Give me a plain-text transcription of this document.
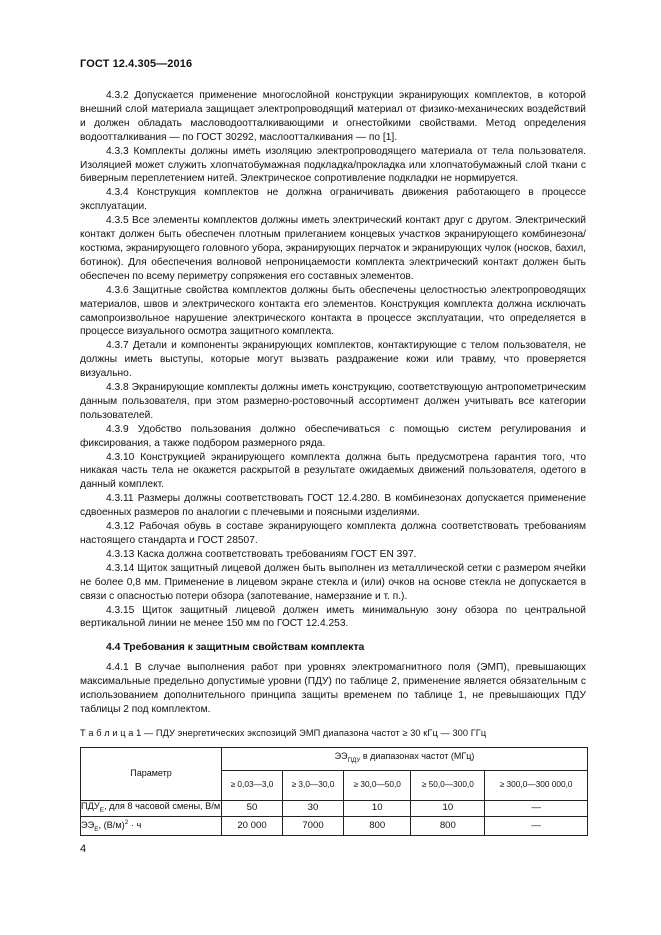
ГОСТ 12.4.305—2016

4.3.2 Допускается применение многослойной конструкции экранирующих комплектов, в которой внешний слой материала защищает электропроводящий материал от физико-механических воздействий и должен обладать масловодоотталкивающими и огнестойкими свойствами. Метод определения водоотталкивания — по ГОСТ 30292, маслоотталкивания — по [1].

4.3.3 Комплекты должны иметь изоляцию электропроводящего материала от тела пользователя. Изоляцией может служить хлопчатобумажная подкладка/прокладка или хлопчатобумажный слой ткани с биверным переплетением нитей. Электрическое сопротивление подкладки не нормируется.

4.3.4 Конструкция комплектов не должна ограничивать движения работающего в процессе эксплуатации.

4.3.5 Все элементы комплектов должны иметь электрический контакт друг с другом. Электрический контакт должен быть обеспечен плотным прилеганием концевых участков экранирующего комбинезона/костюма, экранирующего головного убора, экранирующих перчаток и экранирующих чулок (носков, бахил, ботинок). Для обеспечения волновой непроницаемости комплекта электрический контакт должен быть обеспечен по всему периметру сопряжения его составных элементов.

4.3.6 Защитные свойства комплектов должны быть обеспечены целостностью электропроводящих материалов, швов и электрического контакта его элементов. Конструкция комплекта должна исключать самопроизвольное нарушение электрического контакта в процессе эксплуатации, что определяется в процессе визуального осмотра защитного комплекта.

4.3.7 Детали и компоненты экранирующих комплектов, контактирующие с телом пользователя, не должны иметь выступы, которые могут вызвать раздражение кожи или травму, что проверяется визуально.

4.3.8 Экранирующие комплекты должны иметь конструкцию, соответствующую антропометрическим данным пользователя, при этом размерно-ростовочный ассортимент должен учитывать все категории пользователей.

4.3.9 Удобство пользования должно обеспечиваться с помощью систем регулирования и фиксирования, а также подбором размерного ряда.

4.3.10 Конструкцией экранирующего комплекта должна быть предусмотрена гарантия того, что никакая часть тела не окажется раскрытой в результате ожидаемых движений пользователя, одетого в данный комплект.

4.3.11 Размеры должны соответствовать ГОСТ 12.4.280. В комбинезонах допускается применение сдвоенных размеров по аналогии с плечевыми и поясными изделиями.

4.3.12 Рабочая обувь в составе экранирующего комплекта должна соответствовать требованиям настоящего стандарта и ГОСТ 28507.

4.3.13 Каска должна соответствовать требованиям ГОСТ EN 397.

4.3.14 Щиток защитный лицевой должен быть выполнен из металлической сетки с размером ячейки не более 0,8 мм. Применение в лицевом экране стекла и (или) очков на основе стекла не допускается в связи с опасностью потери обзора (запотевание, намерзание и т. п.).

4.3.15 Щиток защитный лицевой должен иметь минимальную зону обзора по центральной вертикальной линии не менее 150 мм по ГОСТ 12.4.253.

4.4 Требования к защитным свойствам комплекта

4.4.1 В случае выполнения работ при уровнях электромагнитного поля (ЭМП), превышающих максимальные предельно допустимые уровни (ПДУ) по таблице 2, применение является обязательным с использованием дополнительного принципа защиты временем по таблице 1, не превышающих ПДУ таблицы 2 под комплектом.

Т а б л и ц а 1 — ПДУ энергетических экспозиций ЭМП диапазона частот ≥ 30 кГц — 300 ГГц
Параметр	$ЭЭ_{ПДУ}$ в диапазонах частот (МГц)				
	≥ 0,03—3,0	≥ 3,0—30,0	≥ 30,0—50,0	≥ 50,0—300,0	≥ 300,0—300 000,0
$ПДУ_E$, для 8 часовой смены, В/м	50	30	10	10	—
$ЭЭ_E$, $(В/м)^2 \cdot ч$	20 000	7000	800	800	—
4
